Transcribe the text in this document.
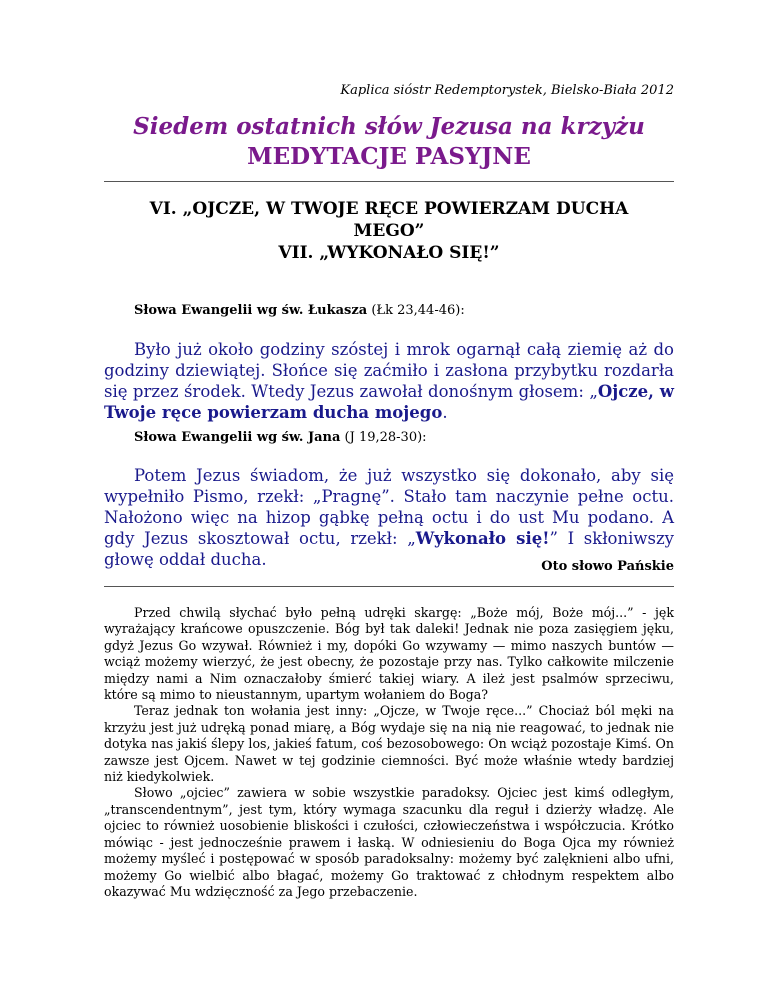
Kaplica sióstr Redemptorystek, Bielsko-Biała 2012
Siedem ostatnich słów Jezusa na krzyżu
MEDYTACJE PASYJNE
VI. „OJCZE, W TWOJE RĘCE POWIERZAM DUCHA
MEGO”
VII. „WYKONAŁO SIĘ!”
Słowa Ewangelii wg św. Łukasza (Łk 23,44-46):
Było już około godziny szóstej i mrok ogarnął całą ziemię aż do godziny dziewiątej. Słońce się zaćmiło i zasłona przybytku rozdarła się przez środek. Wtedy Jezus zawołał donośnym głosem: „Ojcze, w Twoje ręce powierzam ducha mojego.
Słowa Ewangelii wg św. Jana (J 19,28-30):
Potem Jezus świadom, że już wszystko się dokonało, aby się wypełniło Pismo, rzekł: „Pragnę”. Stało tam naczynie pełne octu. Nałożono więc na hizop gąbkę pełną octu i do ust Mu podano. A gdy Jezus skosztował octu, rzekł: „Wykonało się!” I skłoniwszy głowę oddał ducha.	Oto słowo Pańskie

Przed chwilą słychać było pełną udręki skargę: „Boże mój, Boże mój...” - jęk wyrażający krańcowe opuszczenie. Bóg był tak daleki! Jednak nie poza zasięgiem jęku, gdyż Jezus Go wzywał. Również i my, dopóki Go wzywamy — mimo naszych buntów — wciąż możemy wierzyć, że jest obecny, że pozostaje przy nas. Tylko całkowite milczenie między nami a Nim oznaczałoby śmierć takiej wiary. A ileż jest psalmów sprzeciwu, które są mimo to nieustannym, upartym wołaniem do Boga?

Teraz jednak ton wołania jest inny: „Ojcze, w Twoje ręce...” Chociaż ból męki na krzyżu jest już udręką ponad miarę, a Bóg wydaje się na nią nie reagować, to jednak nie dotyka nas jakiś ślepy los, jakieś fatum, coś bezosobowego: On wciąż pozostaje Kimś. On zawsze jest Ojcem. Nawet w tej godzinie ciemności. Być może właśnie wtedy bardziej niż kiedykolwiek.

Słowo „ojciec” zawiera w sobie wszystkie paradoksy. Ojciec jest kimś odległym, „transcendentnym”, jest tym, który wymaga szacunku dla reguł i dzierży władzę. Ale ojciec to również uosobienie bliskości i czułości, człowieczeństwa i współczucia. Krótko mówiąc - jest jednocześnie prawem i łaską. W odniesieniu do Boga Ojca my również możemy myśleć i postępować w sposób paradoksalny: możemy być zalęknieni albo ufni, możemy Go wielbić albo błagać, możemy Go traktować z chłodnym respektem albo okazywać Mu wdzięczność za Jego przebaczenie.
